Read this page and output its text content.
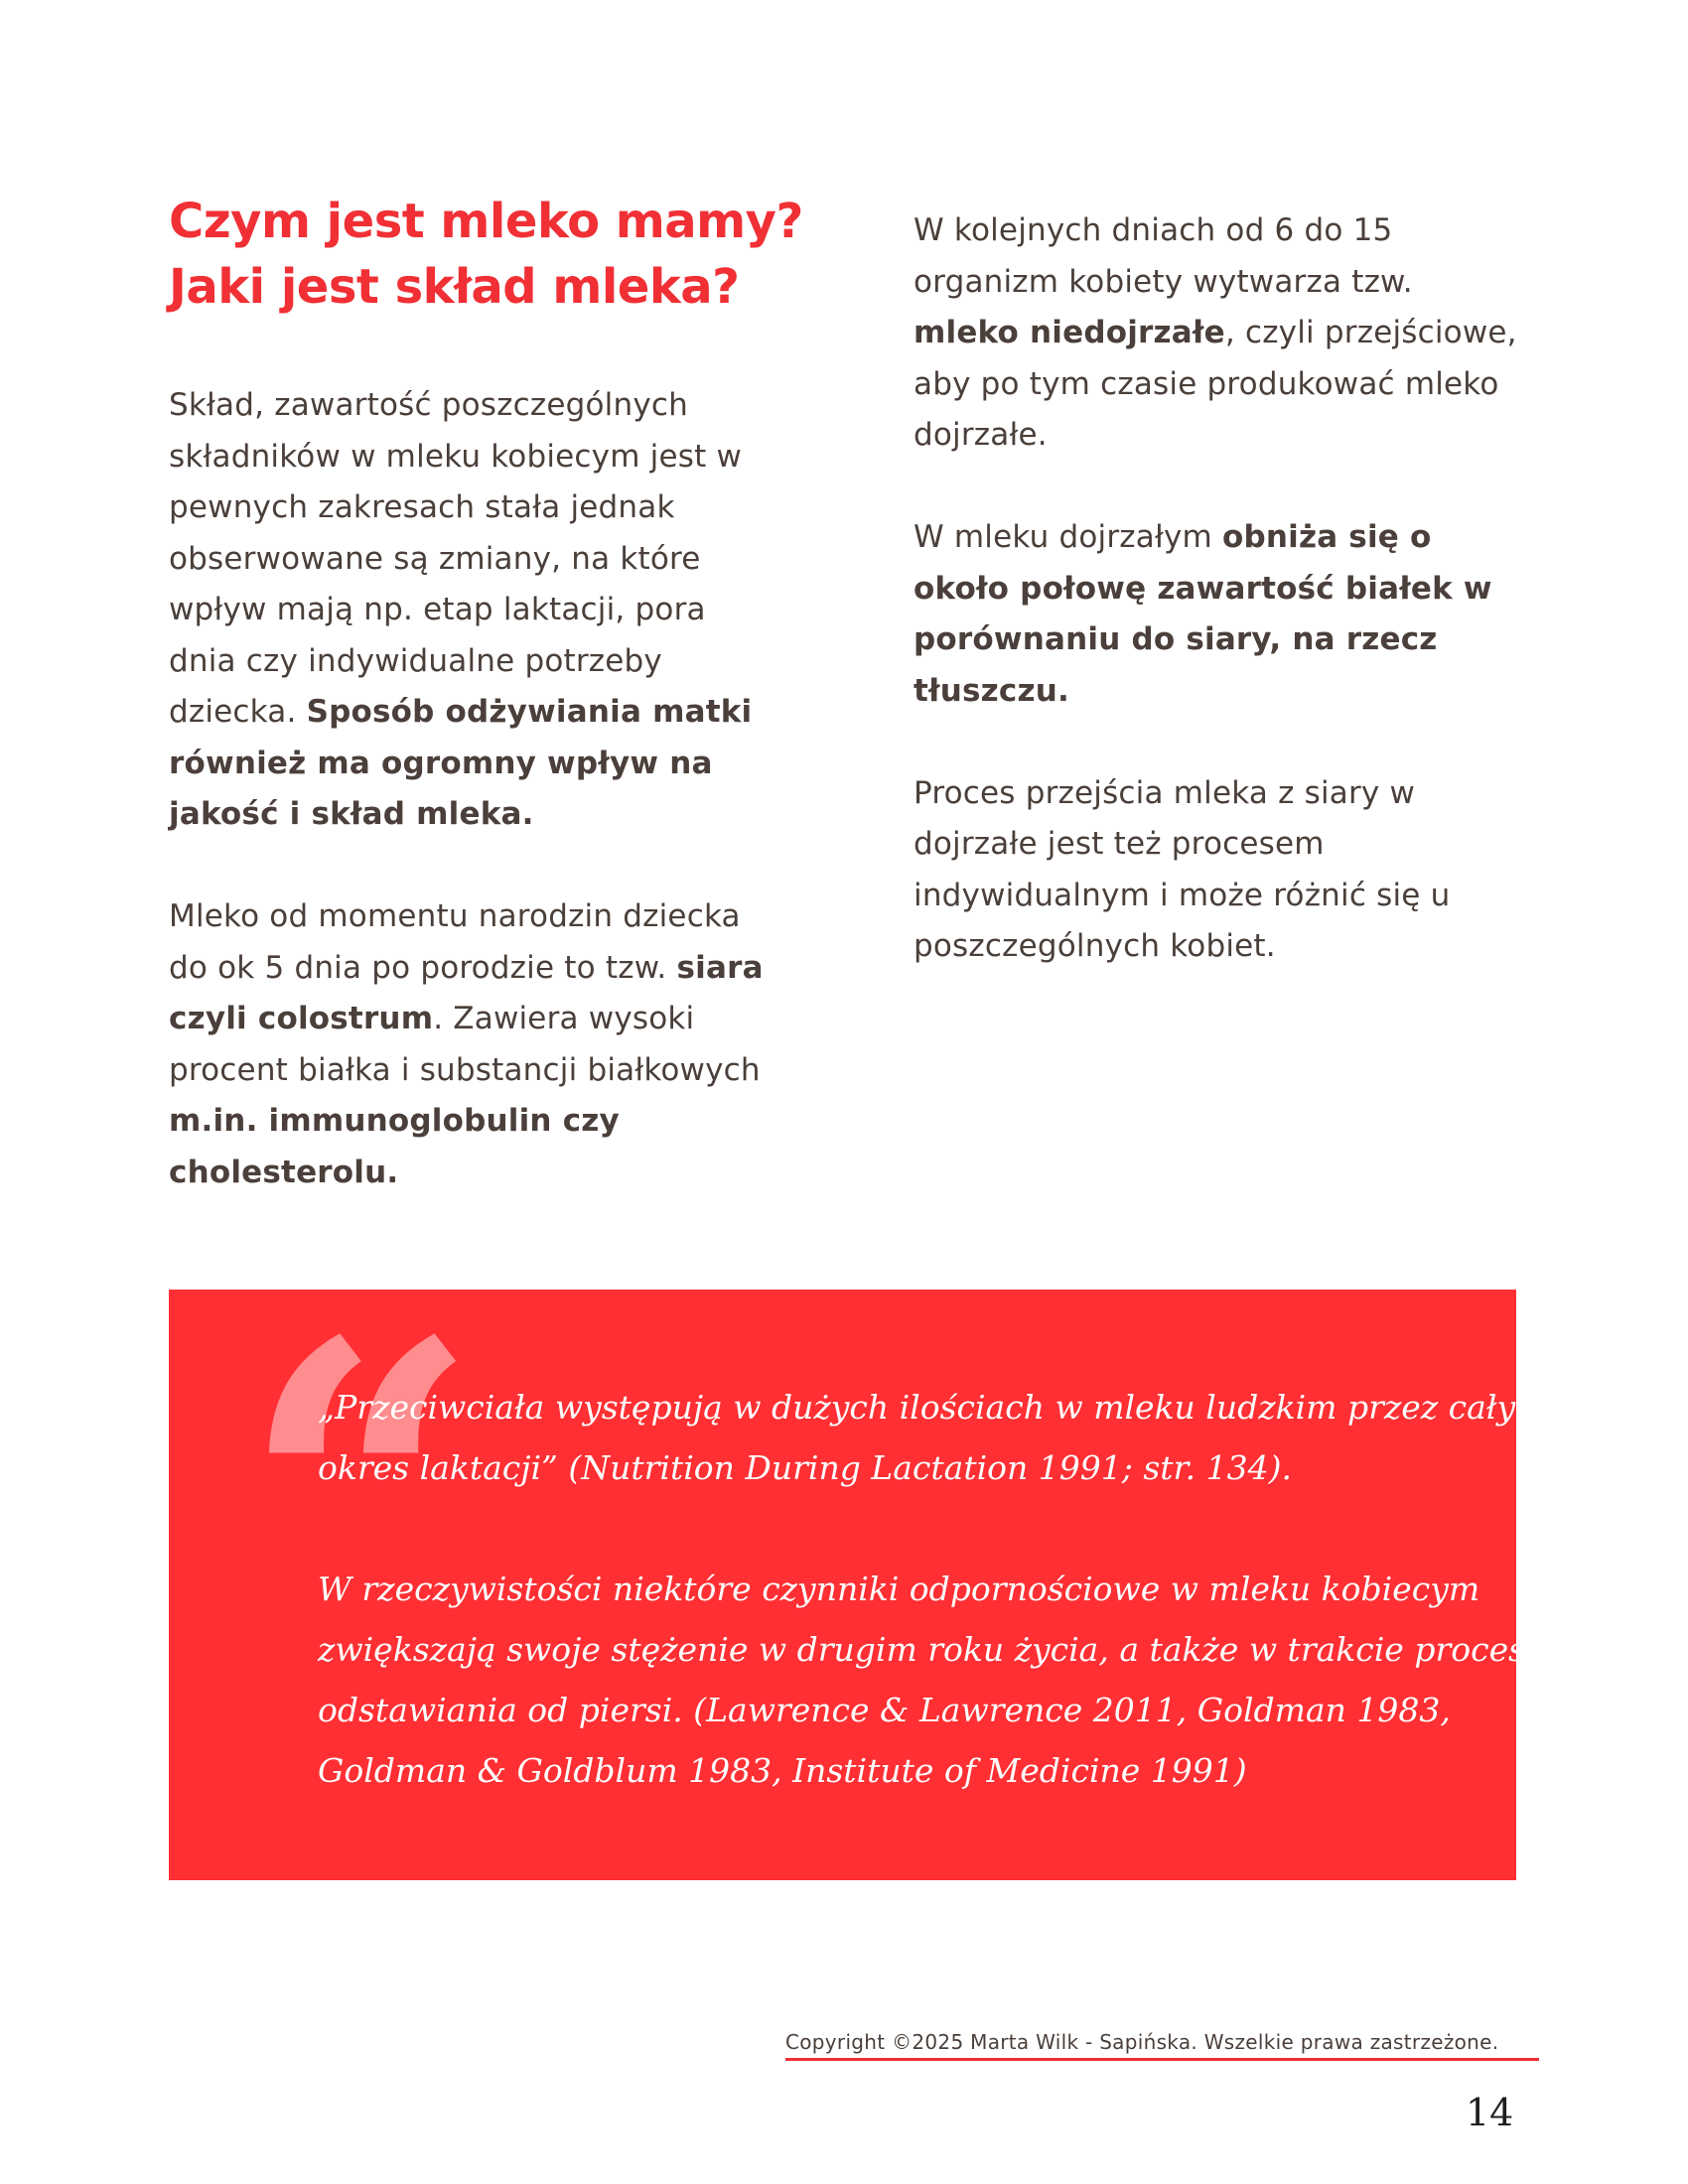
Czym jest mleko mamy?
Jaki jest skład mleka?
Skład, zawartość poszczególnych
składników w mleku kobiecym jest w
pewnych zakresach stała jednak
obserwowane są zmiany, na które
wpływ mają np. etap laktacji, pora
dnia czy indywidualne potrzeby
dziecka. Sposób odżywiania matki
również ma ogromny wpływ na
jakość i skład mleka.
Mleko od momentu narodzin dziecka
do ok 5 dnia po porodzie to tzw. siara
czyli colostrum. Zawiera wysoki
procent białka i substancji białkowych
m.in. immunoglobulin czy
cholesterolu.
W kolejnych dniach od 6 do 15
organizm kobiety wytwarza tzw.
mleko niedojrzałe, czyli przejściowe,
aby po tym czasie produkować mleko
dojrzałe.
W mleku dojrzałym obniża się o
około połowę zawartość białek w
porównaniu do siary, na rzecz
tłuszczu.
Proces przejścia mleka z siary w
dojrzałe jest też procesem
indywidualnym i może różnić się u
poszczególnych kobiet.
“
„Przeciwciała występują w dużych ilościach w mleku ludzkim przez cały
okres laktacji” (Nutrition During Lactation 1991; str. 134).
W rzeczywistości niektóre czynniki odpornościowe w mleku kobiecym
zwiększają swoje stężenie w drugim roku życia, a także w trakcie procesu
odstawiania od piersi. (Lawrence & Lawrence 2011, Goldman 1983,
Goldman & Goldblum 1983, Institute of Medicine 1991)
Copyright ©2025 Marta Wilk - Sapińska. Wszelkie prawa zastrzeżone.
14
